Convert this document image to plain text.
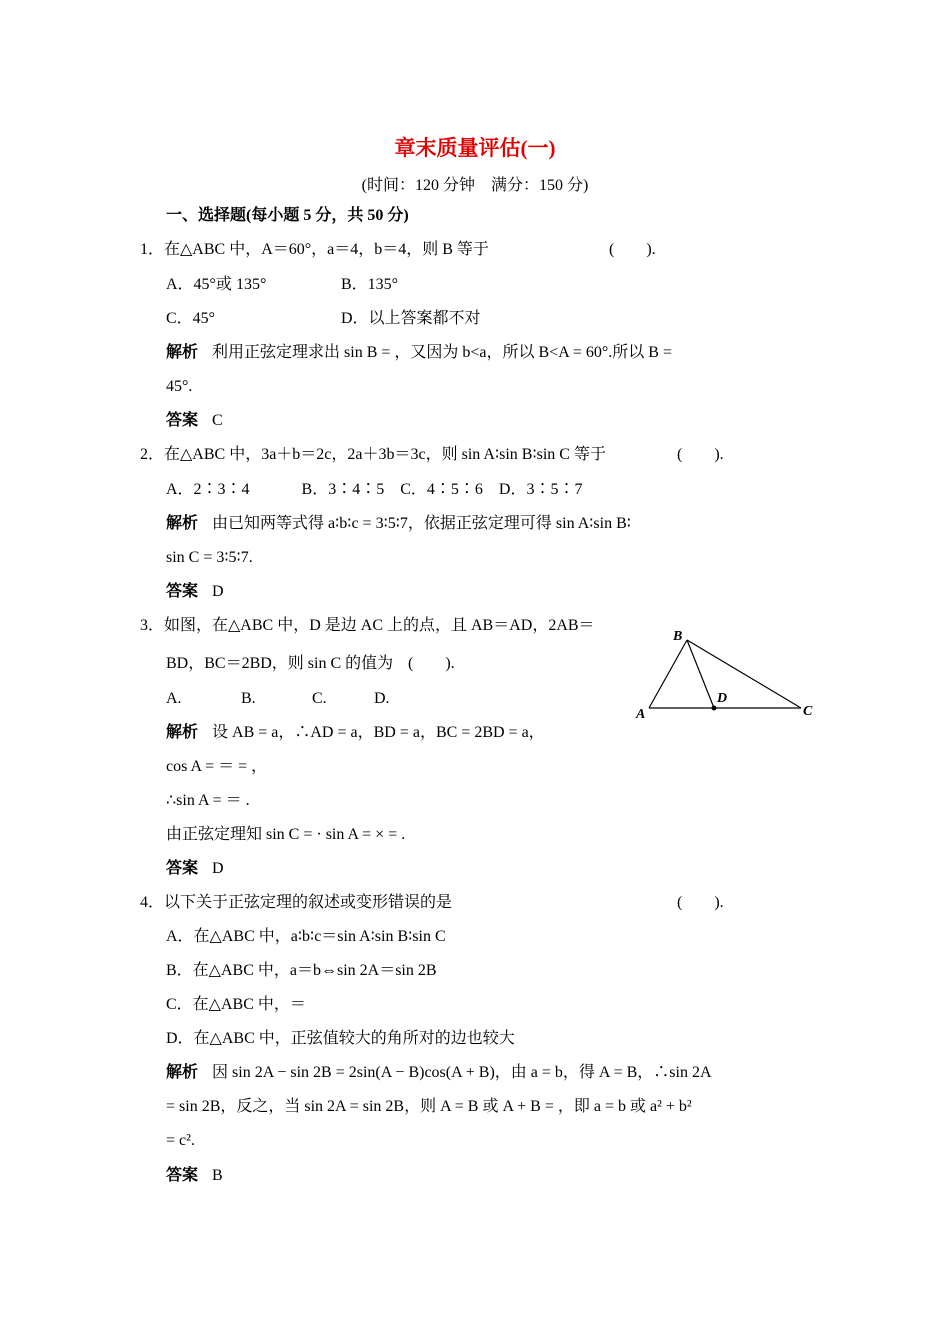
章末质量评估(一)
(时间：120 分钟　满分：150 分)
一、选择题(每小题 5 分，共 50 分)
1．在△ABC 中，A＝60°，a＝4，b＝4，则 B 等于	(　　).
A．45°或 135°	B．135°
C．45°	D．以上答案都不对
解析 利用正弦定理求出 sin B = ，又因为 b<a，所以 B<A = 60°.所以 B =
45°.
答案 C
2．在△ABC 中，3a＋b＝2c，2a＋3b＝3c，则 sin A∶sin B∶sin C 等于	(　　).
A．2∶3∶4　　　 B．3∶4∶5　C．4∶5∶6　D．3∶5∶7
解析 由已知两等式得 a∶b∶c = 3∶5∶7，依据正弦定理可得 sin A∶sin B∶
sin C = 3∶5∶7.
答案 D
3．如图，在△ABC 中，D 是边 AC 上的点，且 AB＝AD，2AB＝
BD，BC＝2BD，则 sin C 的值为 (　　).
A.	B.	C.	D.
解析 设 AB = a，∴AD = a，BD = a，BC = 2BD = a，
cos A = ＝ = ，
∴sin A = ＝ .
由正弦定理知 sin C = · sin A = × = .
答案 D
B
A
D
C
4．以下关于正弦定理的叙述或变形错误的是	(　　).
A．在△ABC 中，a∶b∶c＝sin A∶sin B∶sin C
B．在△ABC 中，a＝b⇔sin 2A＝sin 2B
C．在△ABC 中，＝
D．在△ABC 中，正弦值较大的角所对的边也较大
解析 因 sin 2A − sin 2B = 2sin(A − B)cos(A + B)，由 a = b，得 A = B，∴sin 2A
= sin 2B，反之，当 sin 2A = sin 2B，则 A = B 或 A + B = ，即 a = b 或 a² + b²
= c².
答案 B
